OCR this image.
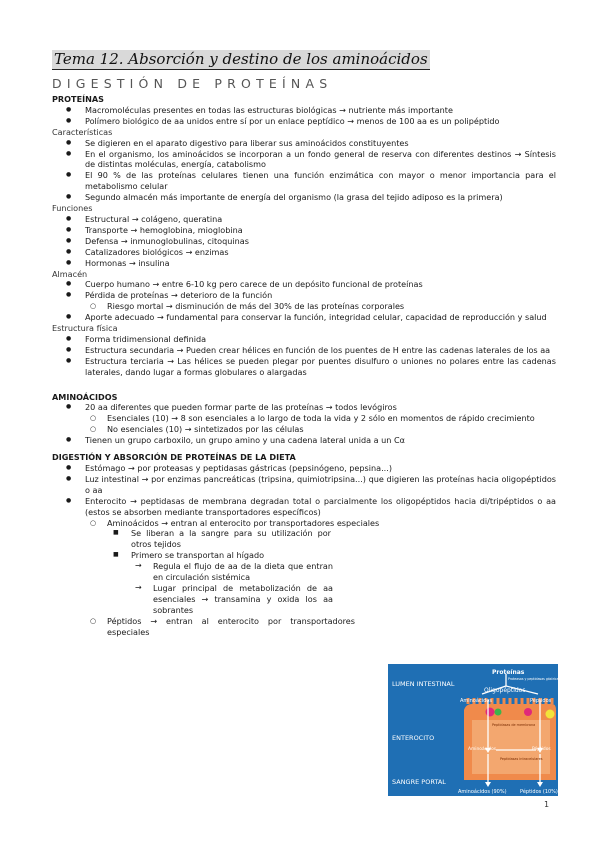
Tema 12. Absorción y destino de los aminoácidos
DIGESTIÓN DE PROTEÍNAS

PROTEÍNAS

● Macromoléculas presentes en todas las estructuras biológicas → nutriente más importante
● Polímero biológico de aa unidos entre sí por un enlace peptídico → menos de 100 aa es un polipéptido

Características

● Se digieren en el aparato digestivo para liberar sus aminoácidos constituyentes
● En el organismo, los aminoácidos se incorporan a un fondo general de reserva con diferentes destinos → Síntesis de distintas moléculas, energía, catabolismo
● El 90 % de las proteínas celulares tienen una función enzimática con mayor o menor importancia para el metabolismo celular
● Segundo almacén más importante de energía del organismo (la grasa del tejido adiposo es la primera)

Funciones

● Estructural → colágeno, queratina
● Transporte → hemoglobina, mioglobina
● Defensa → inmunoglobulinas, citoquinas
● Catalizadores biológicos → enzimas
● Hormonas → insulina

Almacén

● Cuerpo humano → entre 6-10 kg pero carece de un depósito funcional de proteínas
● Pérdida de proteínas → deterioro de la función
○ Riesgo mortal → disminución de más del 30% de las proteínas corporales
● Aporte adecuado → fundamental para conservar la función, integridad celular, capacidad de reproducción y salud

Estructura física

● Forma tridimensional definida
● Estructura secundaria → Pueden crear hélices en función de los puentes de H entre las cadenas laterales de los aa
● Estructura terciaria → Las hélices se pueden plegar por puentes disulfuro o uniones no polares entre las cadenas laterales, dando lugar a formas globulares o alargadas

AMINOÁCIDOS

● 20 aa diferentes que pueden formar parte de las proteínas → todos levógiros
○ Esenciales (10) → 8 son esenciales a lo largo de toda la vida y 2 sólo en momentos de rápido crecimiento
○ No esenciales (10) → sintetizados por las células
● Tienen un grupo carboxilo, un grupo amino y una cadena lateral unida a un Cα

DIGESTIÓN Y ABSORCIÓN DE PROTEÍNAS DE LA DIETA

● Estómago → por proteasas y peptidasas gástricas (pepsinógeno, pepsina...)
● Luz intestinal → por enzimas pancreáticas (tripsina, quimiotripsina...) que digieren las proteínas hacia oligopéptidos o aa
● Enterocito → peptidasas de membrana degradan total o parcialmente los oligopéptidos hacia di/tripéptidos o aa (estos se absorben mediante transportadores específicos)
○ Aminoácidos → entran al enterocito por transportadores especiales
■ Se liberan a la sangre para su utilización por otros tejidos
■ Primero se transportan al hígado
→ Regula el flujo de aa de la dieta que entran en circulación sistémica
→ Lugar principal de metabolización de aa esenciales → transamina y oxida los aa sobrantes
○ Péptidos → entran al enterocito por transportadores especiales
LUMEN INTESTINAL
Proteínas
Proteasas y peptidasas gástricas y pancreáticas
Oligopéptidos
Aminoácidos	Péptidos
Peptidasas de membrana
ENTEROCITO
Aminoácidos	Péptidos
Peptidasas intracelulares
SANGRE PORTAL
Aminoácidos (90%)	Péptidos (10%)
1
